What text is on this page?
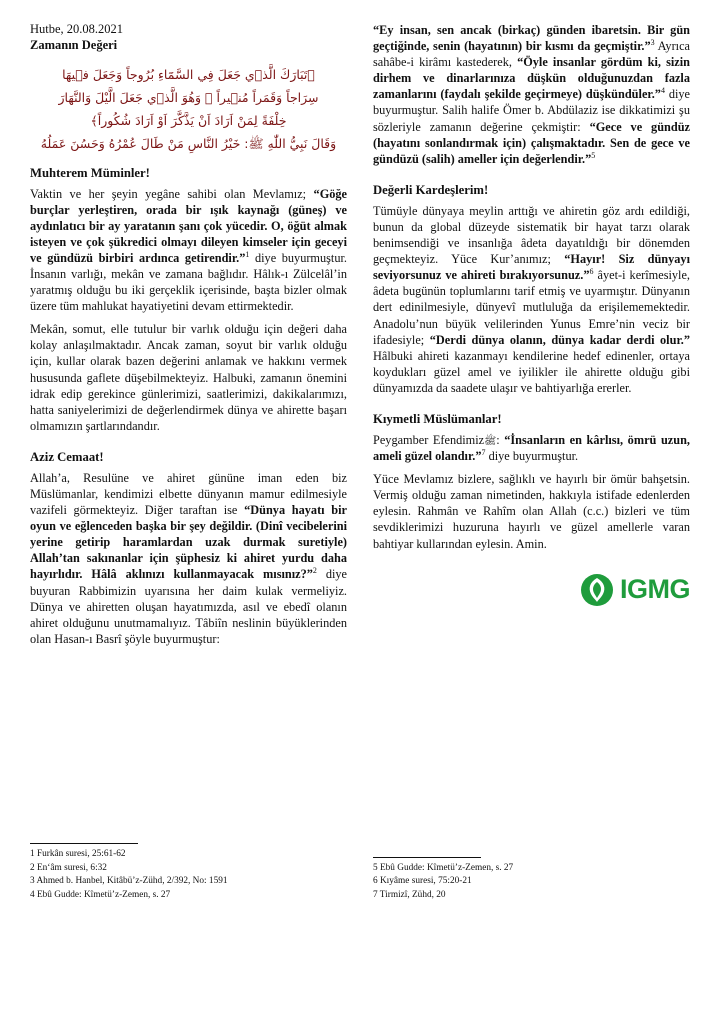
Hutbe, 20.08.2021
Zamanın Değeri
﴿تَبَارَكَ الَّذ۪ي جَعَلَ فِي السَّمَٓاءِ بُرُوجاً وَجَعَلَ ف۪يهَا
سِرَاجاً وَقَمَراً مُن۪يراً ۞ وَهُوَ الَّذ۪ي جَعَلَ الَّيْلَ وَالنَّهَارَ
خِلْفَةً لِمَنْ اَرَادَ اَنْ يَذَّكَّرَ اَوْ اَرَادَ شُكُوراً﴾
وَقَالَ نَبِيُّ اللّٰهِ ﷺ: خَيْرُ النَّاسِ مَنْ طَالَ عُمْرُهُ وَحَسُنَ عَمَلُهُ
Muhterem Müminler!

Vaktin ve her şeyin yegâne sahibi olan Mevlamız; “Göğe burçlar yerleştiren, orada bir ışık kaynağı (güneş) ve aydınlatıcı bir ay yaratanın şanı çok yücedir. O, öğüt almak isteyen ve çok şükredici olmayı dileyen kimseler için geceyi ve gündüzü birbiri ardınca getirendir.”$^1$ diye buyurmuştur. İnsanın varlığı, mekân ve zamana bağlıdır. Hâlık-ı Zülcelâl’in yaratmış olduğu bu iki gerçeklik içerisinde, başta bizler olmak üzere tüm mahlukat hayatiyetini devam ettirmektedir.

Mekân, somut, elle tutulur bir varlık olduğu için değeri daha kolay anlaşılmaktadır. Ancak zaman, soyut bir varlık olduğu için, kullar olarak bazen değerini anlamak ve hakkını vermek hususunda gaflete düşebilmekteyiz. Halbuki, zamanın önemini idrak edip gerekince günlerimizi, saatlerimizi, dakikalarımızı, hatta saniyelerimizi de değerlendirmek dünya ve ahirette başarı olmamızın şartlarındandır.

Aziz Cemaat!

Allah’a, Resulüne ve ahiret gününe iman eden biz Müslümanlar, kendimizi elbette dünyanın mamur edilmesiyle vazifeli görmekteyiz. Diğer taraftan ise “Dünya hayatı bir oyun ve eğlenceden başka bir şey değildir. (Dinî vecibelerini yerine getirip haramlardan uzak durmak suretiyle) Allah’tan sakınanlar için şüphesiz ki ahiret yurdu daha hayırlıdır. Hâlâ aklınızı kullanmayacak mısınız?”$^2$ diye buyuran Rabbimizin uyarısına her daim kulak vermeliyiz. Dünya ve ahiretten oluşan hayatımızda, asıl ve ebedî olanın ahiret olduğunu unutmamalıyız. Tâbiîn neslinin büyüklerinden olan Hasan-ı Basrî şöyle buyurmuştur:

1 Furkân suresi, 25:61-62
2 En‘âm suresi, 6:32
3 Ahmed b. Hanbel, Kitâbü’z-Zühd, 2/392, No: 1591
4 Ebû Gudde: Kîmetü’z-Zemen, s. 27

“Ey insan, sen ancak (birkaç) günden ibaretsin. Bir gün geçtiğinde, senin (hayatının) bir kısmı da geçmiştir.”$^3$ Ayrıca sahâbe-i kirâmı kastederek, “Öyle insanlar gördüm ki, sizin dirhem ve dinarlarınıza düşkün olduğunuzdan fazla zamanlarını (faydalı şekilde geçirmeye) düşkündüler.”$^4$ diye buyurmuştur. Salih halife Ömer b. Abdülaziz ise dikkatimizi şu sözleriyle zamanın değerine çekmiştir: “Gece ve gündüz (hayatını sonlandırmak için) çalışmaktadır. Sen de gece ve gündüzü (salih) ameller için değerlendir.”$^5$

Değerli Kardeşlerim!

Tümüyle dünyaya meylin arttığı ve ahiretin göz ardı edildiği, bunun da global düzeyde sistematik bir hayat tarzı olarak benimsendiği ve insanlığa âdeta dayatıldığı bir dönemden geçmekteyiz. Yüce Kur’anımız; “Hayır! Siz dünyayı seviyorsunuz ve ahireti bırakıyorsunuz.”$^6$ âyet-i kerîmesiyle, âdeta bugünün toplumlarını tarif etmiş ve uyarmıştır. Dünyanın dert edinilmesiyle, dünyevî mutluluğa da erişilememektedir. Anadolu’nun büyük velilerinden Yunus Emre’nin veciz bir ifadesiyle; “Derdi dünya olanın, dünya kadar derdi olur.” Hâlbuki ahireti kazanmayı kendilerine hedef edinenler, ortaya koydukları güzel amel ve iyilikler ile ahirette olduğu gibi dünyamızda da saadete ulaşır ve bahtiyarlığa ererler.

Kıymetli Müslümanlar!

Peygamber Efendimizﷺ: “İnsanların en kârlısı, ömrü uzun, ameli güzel olandır.”$^7$ diye buyurmuştur.

Yüce Mevlamız bizlere, sağlıklı ve hayırlı bir ömür bahşetsin. Vermiş olduğu zaman nimetinden, hakkıyla istifade edenlerden eylesin. Rahmân ve Rahîm olan Allah (c.c.) bizleri ve tüm sevdiklerimizi huzuruna hayırlı ve güzel amellerle varan bahtiyar kullarından eylesin. Amin.

IGMG
5 Ebû Gudde: Kîmetü’z-Zemen, s. 27
6 Kıyâme suresi, 75:20-21
7 Tirmizî, Zühd, 20
